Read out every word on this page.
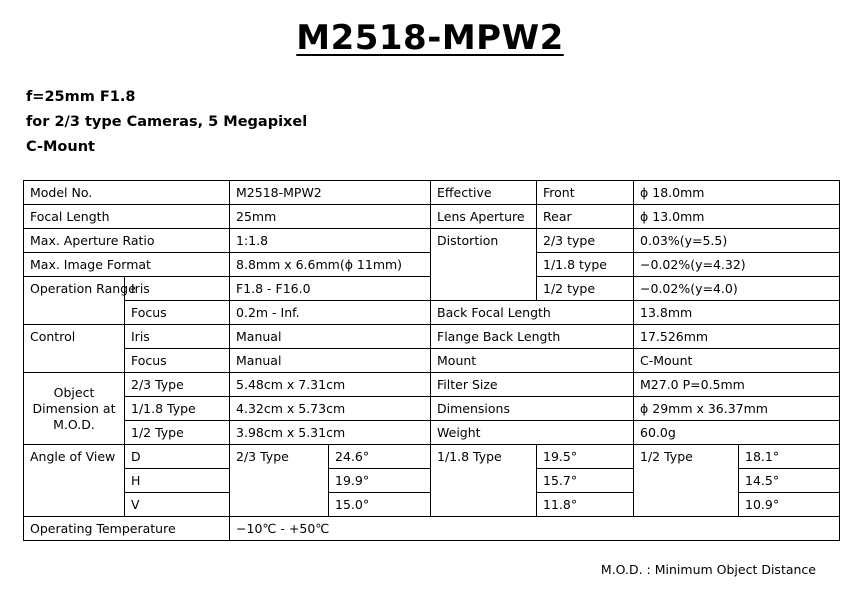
M2518-MPW2
f=25mm F1.8
for 2/3 type Cameras, 5 Megapixel
C-Mount
Model No.		M2518-MPW2		Effective	Front	ϕ 18.0mm	
Focal Length		25mm		Lens Aperture	Rear	ϕ 13.0mm	
Max. Aperture Ratio		1:1.8		Distortion	2/3 type	0.03%(y=5.5)	
Max. Image Format		8.8mm x 6.6mm(ϕ 11mm)			1/1.8 type	−0.02%(y=4.32)	
Operation Range	Iris	F1.8 - F16.0			1/2 type	−0.02%(y=4.0)	
	Focus	0.2m - Inf.		Back Focal Length		13.8mm	
Control	Iris	Manual		Flange Back Length		17.526mm	
	Focus	Manual		Mount		C-Mount	
Object Dimension at M.O.D.	2/3 Type	5.48cm x 7.31cm		Filter Size		M27.0 P=0.5mm	
	1/1.8 Type	4.32cm x 5.73cm		Dimensions		ϕ 29mm x 36.37mm	
	1/2 Type	3.98cm x 5.31cm		Weight		60.0g	
Angle of View	D	2/3 Type	24.6°	1/1.8 Type	19.5°	1/2 Type	18.1°
	H		19.9°		15.7°		14.5°
	V		15.0°		11.8°		10.9°
Operating Temperature		−10℃ - +50℃					
M.O.D. : Minimum Object Distance
